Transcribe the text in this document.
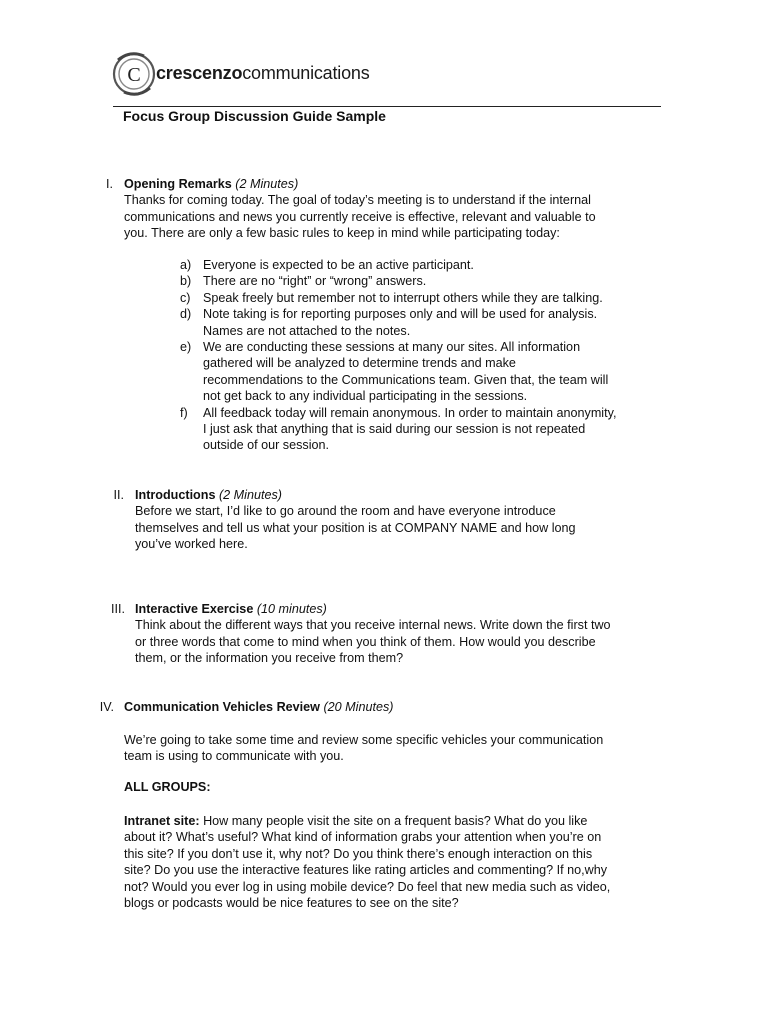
C crescenzocommunications
Focus Group Discussion Guide Sample
I. Opening Remarks (2 Minutes)
Thanks for coming today. The goal of today’s meeting is to understand if the internal
communications and news you currently receive is effective, relevant and valuable to
you. There are only a few basic rules to keep in mind while participating today:
a) Everyone is expected to be an active participant.
b) There are no “right” or “wrong” answers.
c) Speak freely but remember not to interrupt others while they are talking.
d) Note taking is for reporting purposes only and will be used for analysis.
Names are not attached to the notes.
e) We are conducting these sessions at many our sites. All information
gathered will be analyzed to determine trends and make
recommendations to the Communications team. Given that, the team will
not get back to any individual participating in the sessions.
f) All feedback today will remain anonymous. In order to maintain anonymity,
I just ask that anything that is said during our session is not repeated
outside of our session.
II. Introductions (2 Minutes)
Before we start, I’d like to go around the room and have everyone introduce
themselves and tell us what your position is at COMPANY NAME and how long
you’ve worked here.
III. Interactive Exercise (10 minutes)
Think about the different ways that you receive internal news. Write down the first two
or three words that come to mind when you think of them. How would you describe
them, or the information you receive from them?
IV. Communication Vehicles Review (20 Minutes)
We’re going to take some time and review some specific vehicles your communication
team is using to communicate with you.
ALL GROUPS:
Intranet site: How many people visit the site on a frequent basis? What do you like
about it? What’s useful? What kind of information grabs your attention when you’re on
this site? If you don’t use it, why not? Do you think there’s enough interaction on this
site? Do you use the interactive features like rating articles and commenting? If no,why
not? Would you ever log in using mobile device? Do feel that new media such as video,
blogs or podcasts would be nice features to see on the site?
